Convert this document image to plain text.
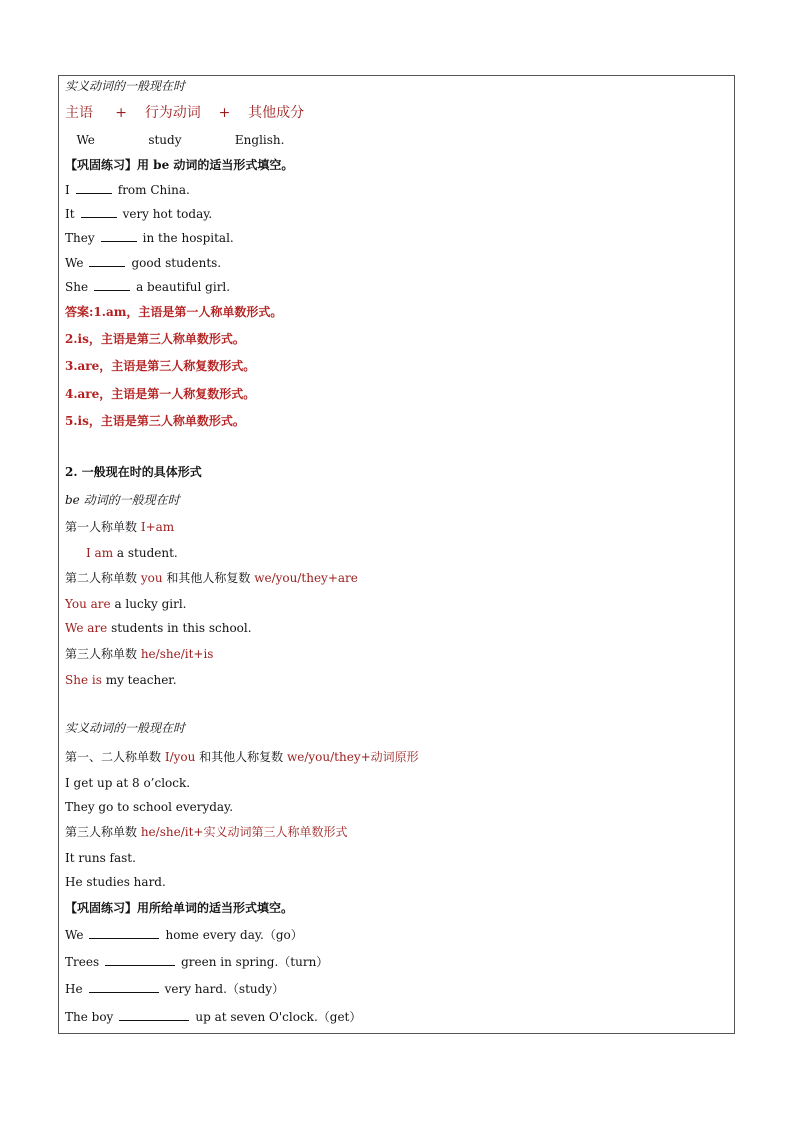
实义动词的一般现在时
主语 + 行为动词 + 其他成分
We	study	English.
【巩固练习】用 be 动词的适当形式填空。
I	from China.
It	very hot today.
They	in the hospital.
We	good students.
She	a beautiful girl.
答案:1.am，主语是第一人称单数形式。
2.is，主语是第三人称单数形式。
3.are，主语是第三人称复数形式。
4.are，主语是第一人称复数形式。
5.is，主语是第三人称单数形式。
2. 一般现在时的具体形式
be 动词的一般现在时
第一人称单数 I+am
I am a student.
第二人称单数 you 和其他人称复数 we/you/they+are
You are a lucky girl.
We are students in this school.
第三人称单数 he/she/it+is
She is my teacher.
实义动词的一般现在时
第一、二人称单数 I/you 和其他人称复数 we/you/they+动词原形
I get up at 8 o’clock.
They go to school everyday.
第三人称单数 he/she/it+实义动词第三人称单数形式
It runs fast.
He studies hard.
【巩固练习】用所给单词的适当形式填空。
We	home every day.（go）
Trees	green in spring.（turn）
He	very hard.（study）
The boy	up at seven O'clock.（get）
